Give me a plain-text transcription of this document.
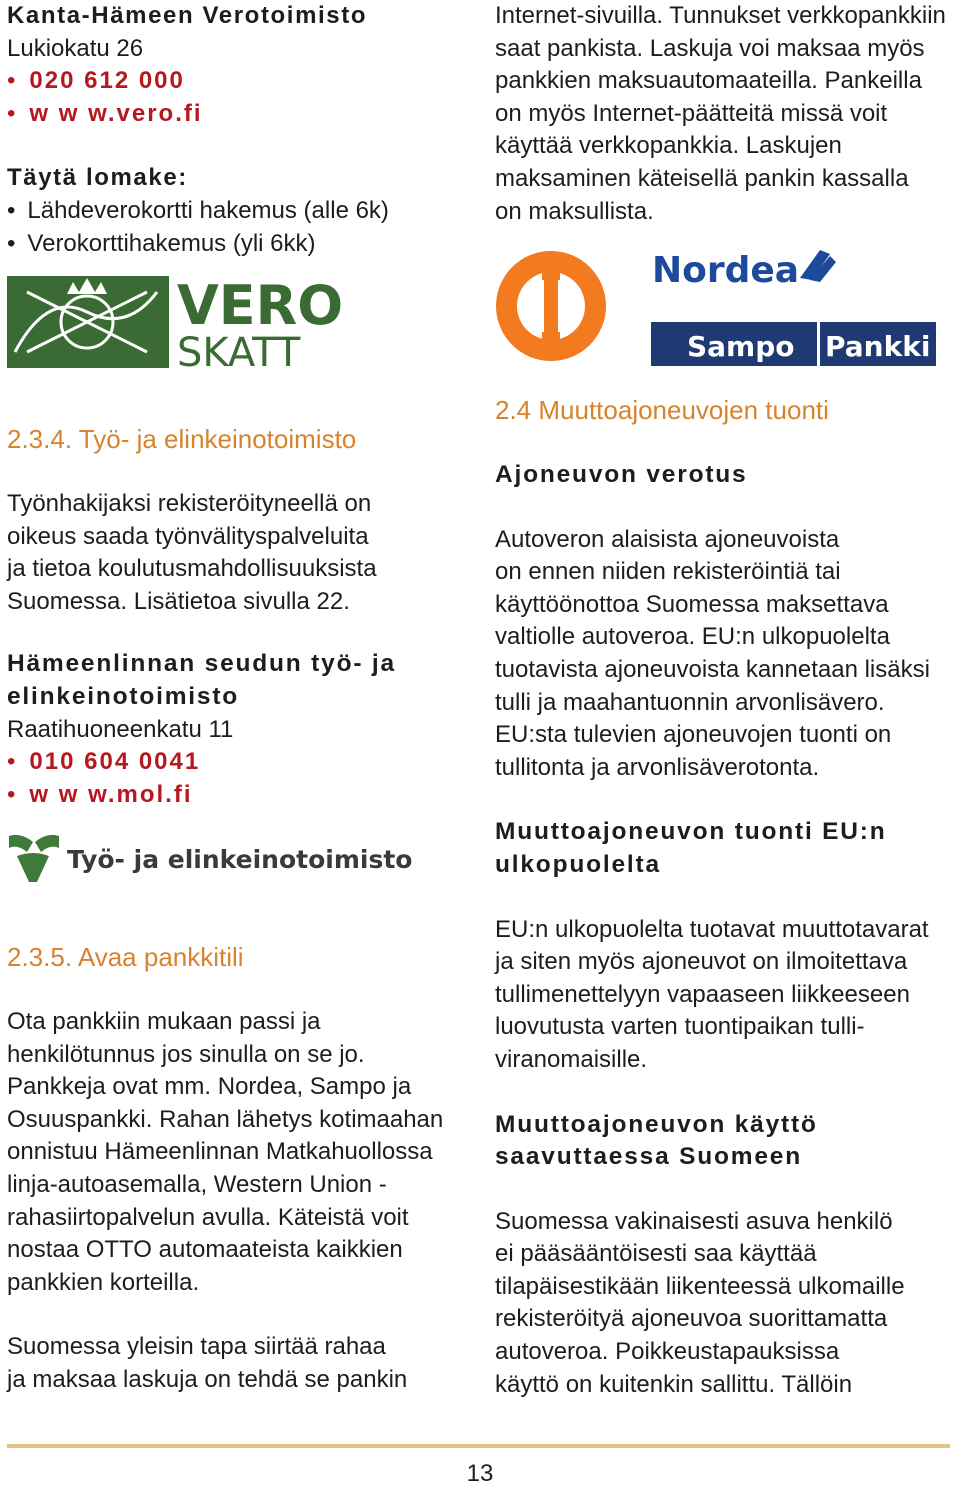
Kanta-Hämeen Verotoimisto
Lukiokatu 26
• 020 612 000
• w w w.vero.fi
Täytä lomake:
• Lähdeverokortti hakemus (alle 6k)
• Verokorttihakemus (yli 6kk)
VERO
SKATT
2.3.4. Työ- ja elinkeinotoimisto
Työnhakijaksi rekisteröityneellä on
oikeus saada työnvälityspalveluita
ja tietoa koulutusmahdollisuuksista
Suomessa. Lisätietoa sivulla 22.
Hämeenlinnan seudun työ- ja
elinkeinotoimisto
Raatihuoneenkatu 11
• 010 604 0041
• w w w.mol.fi
Työ- ja elinkeinotoimisto
2.3.5. Avaa pankkitili
Ota pankkiin mukaan passi ja
henkilötunnus jos sinulla on se jo.
Pankkeja ovat mm. Nordea, Sampo ja
Osuuspankki. Rahan lähetys kotimaahan
onnistuu Hämeenlinnan Matkahuollossa
linja-autoasemalla, Western Union -
rahasiirtopalvelun avulla. Käteistä voit
nostaa OTTO automaateista kaikkien
pankkien korteilla.
Suomessa yleisin tapa siirtää rahaa
ja maksaa laskuja on tehdä se pankin
Internet-sivuilla. Tunnukset verkkopankkiin
saat pankista. Laskuja voi maksaa myös
pankkien maksuautomaateilla. Pankeilla
on myös Internet-päätteitä missä voit
käyttää verkkopankkia. Laskujen
maksaminen käteisellä pankin kassalla
on maksullista.
Nordea
Sampo Pankki
2.4 Muuttoajoneuvojen tuonti
Ajoneuvon verotus
Autoveron alaisista ajoneuvoista
on ennen niiden rekisteröintiä tai
käyttöönottoa Suomessa maksettava
valtiolle autoveroa. EU:n ulkopuolelta
tuotavista ajoneuvoista kannetaan lisäksi
tulli ja maahantuonnin arvonlisävero.
EU:sta tulevien ajoneuvojen tuonti on
tullitonta ja arvonlisäverotonta.
Muuttoajoneuvon tuonti EU:n
ulkopuolelta
EU:n ulkopuolelta tuotavat muuttotavarat
ja siten myös ajoneuvot on ilmoitettava
tullimenettelyyn vapaaseen liikkeeseen
luovutusta varten tuontipaikan tulli-
viranomaisille.
Muuttoajoneuvon käyttö
saavuttaessa Suomeen
Suomessa vakinaisesti asuva henkilö
ei pääsääntöisesti saa käyttää
tilapäisestikään liikenteessä ulkomaille
rekisteröityä ajoneuvoa suorittamatta
autoveroa. Poikkeustapauksissa
käyttö on kuitenkin sallittu. Tällöin
13
